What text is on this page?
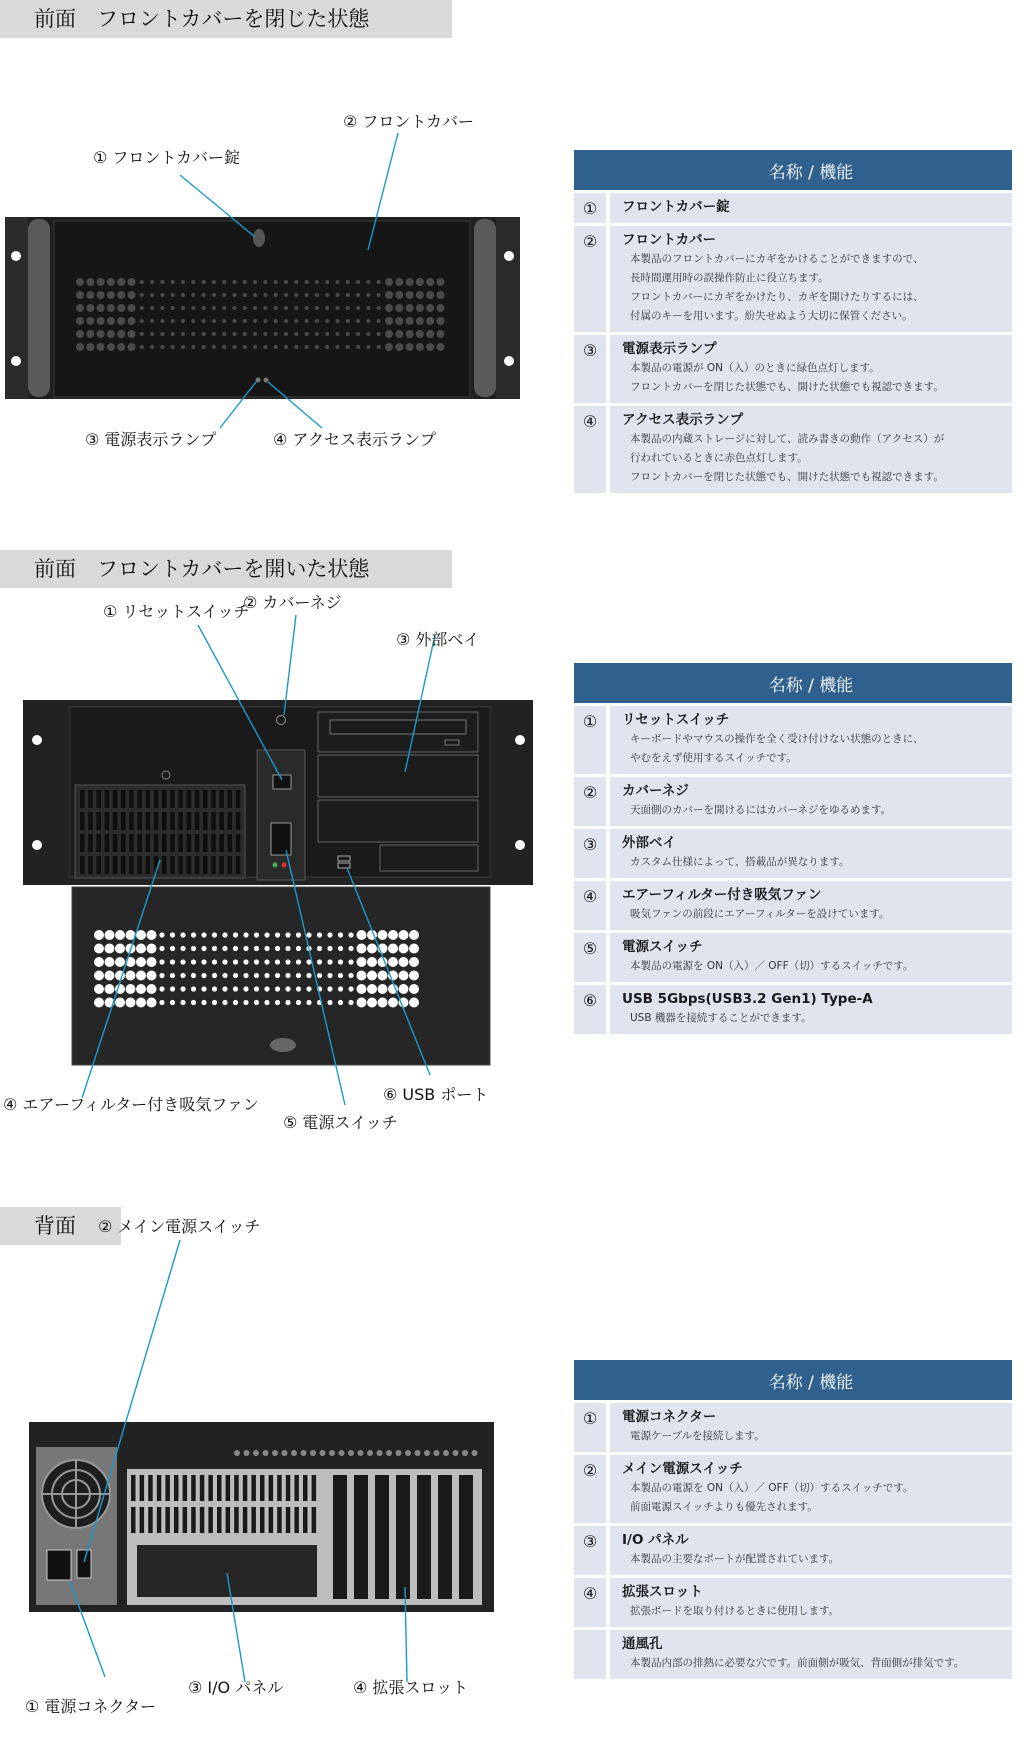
前面　フロントカバーを閉じた状態
① フロントカバー錠
② フロントカバー
③ 電源表示ランプ	④ アクセス表示ランプ
	名称 / 機能
①	フロントカバー錠

②	フロントカバー
本製品のフロントカバーにカギをかけることができますので、
長時間運用時の誤操作防止に役立ちます。
フロントカバーにカギをかけたり、カギを開けたりするには、
付属のキーを用います。紛失せぬよう大切に保管ください。

③	電源表示ランプ
本製品の電源が ON（入）のときに緑色点灯します。
フロントカバーを閉じた状態でも、開けた状態でも視認できます。

④	アクセス表示ランプ
本製品の内蔵ストレージに対して、読み書きの動作（アクセス）が
行われているときに赤色点灯します。
フロントカバーを閉じた状態でも、開けた状態でも視認できます。
前面　フロントカバーを開いた状態
① リセットスイッチ
② カバーネジ
③ 外部ベイ
④ エアーフィルター付き吸気ファン
⑤ 電源スイッチ
⑥ USB ポート
	名称 / 機能
①	リセットスイッチ
キーボードやマウスの操作を全く受け付けない状態のときに、
やむをえず使用するスイッチです。

②	カバーネジ
天面側のカバーを開けるにはカバーネジをゆるめます。

③	外部ベイ
カスタム仕様によって、搭載品が異なります。

④	エアーフィルター付き吸気ファン
吸気ファンの前段にエアーフィルターを設けています。

⑤	電源スイッチ
本製品の電源を ON（入）／ OFF（切）するスイッチです。

⑥	USB 5Gbps(USB3.2 Gen1) Type-A
USB 機器を接続することができます。
背面
① 電源コネクター
② メイン電源スイッチ
③ I/O パネル	④ 拡張スロット
	名称 / 機能
①	電源コネクター
電源ケーブルを接続します。

②	メイン電源スイッチ
本製品の電源を ON（入）／ OFF（切）するスイッチです。
前面電源スイッチよりも優先されます。

③	I/O パネル
本製品の主要なポートが配置されています。

④	拡張スロット
拡張ボードを取り付けるときに使用します。

	通風孔
本製品内部の排熱に必要な穴です。前面側が吸気、背面側が排気です。
